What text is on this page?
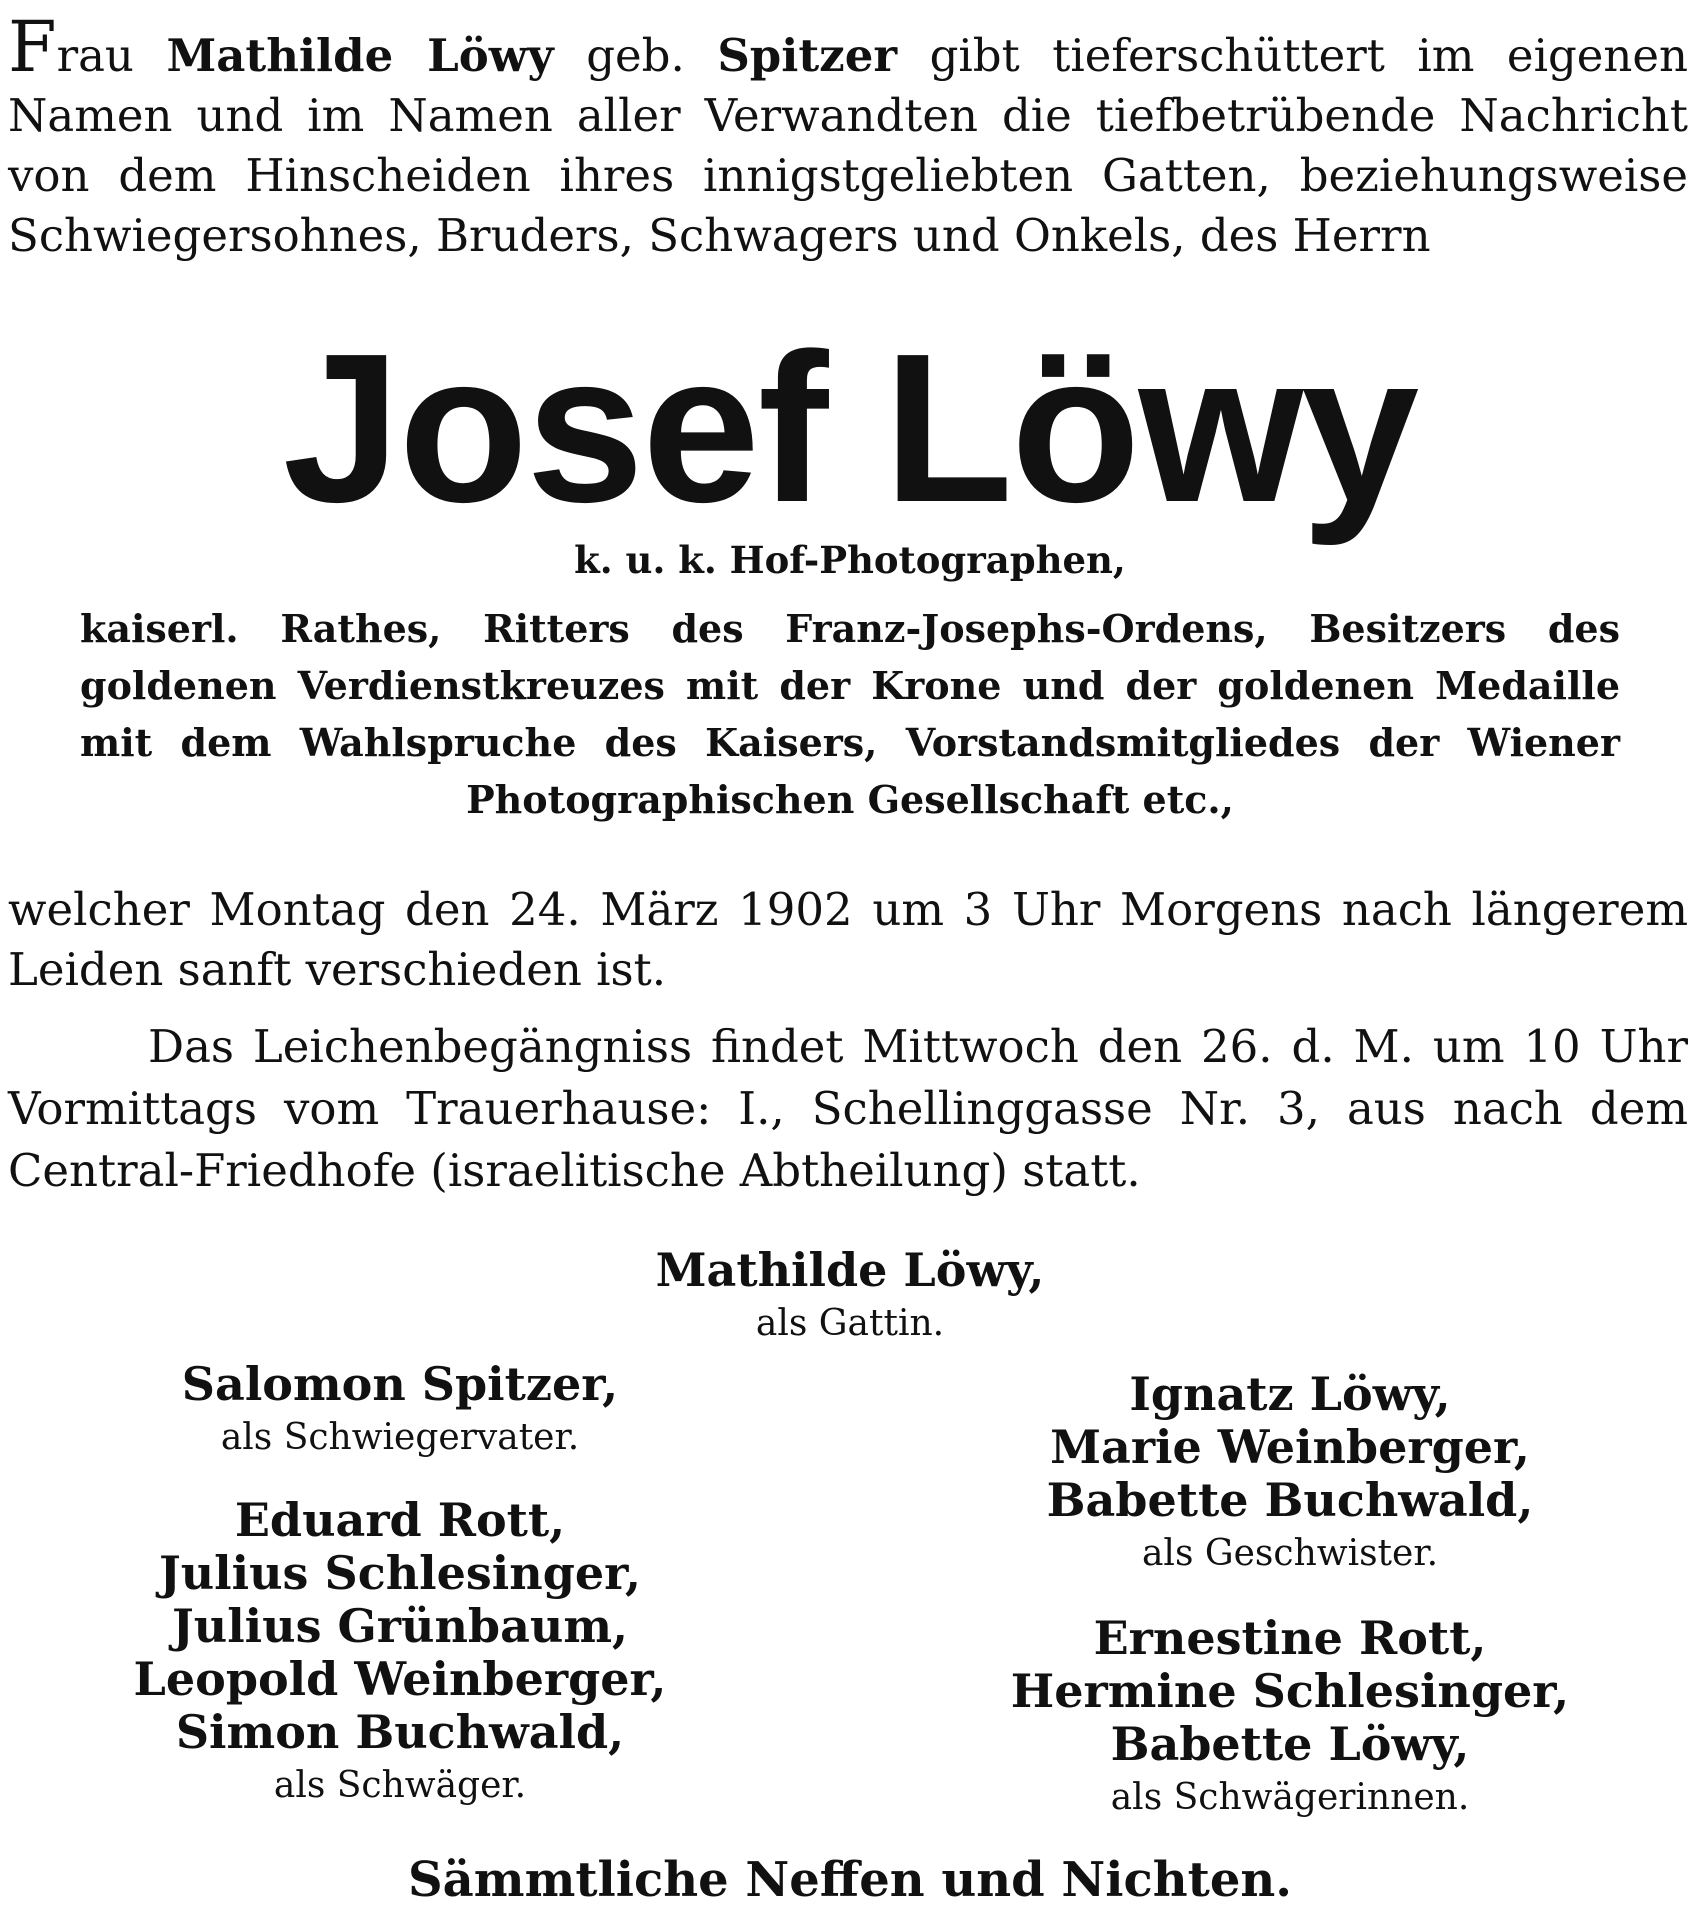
Frau Mathilde Löwy geb. Spitzer gibt tieferschüttert im eigenen Namen und im Namen aller Verwandten die tiefbetrübende Nachricht von dem Hinscheiden ihres innigstgeliebten Gatten, beziehungsweise Schwiegersohnes, Bruders, Schwagers und Onkels, des Herrn

Josef Löwy
k. u. k. Hof-Photographen,
kaiserl. Rathes, Ritters des Franz-Josephs-Ordens, Besitzers des goldenen Verdienstkreuzes mit der Krone und der goldenen Medaille mit dem Wahlspruche des Kaisers, Vorstandsmitgliedes der Wiener Photographischen Gesellschaft etc.,
welcher Montag den 24. März 1902 um 3 Uhr Morgens nach längerem Leiden sanft verschieden ist.
Das Leichenbegängniss findet Mittwoch den 26. d. M. um 10 Uhr Vormittags vom Trauerhause: I., Schellinggasse Nr. 3, aus nach dem Central-Friedhofe (israelitische Abtheilung) statt.
Mathilde Löwy,
als Gattin.
Salomon Spitzer,
als Schwiegervater.
Ignatz Löwy,
Marie Weinberger,
Babette Buchwald,
als Geschwister.
Eduard Rott,
Julius Schlesinger,
Julius Grünbaum,
Leopold Weinberger,
Simon Buchwald,
als Schwäger.
Ernestine Rott,
Hermine Schlesinger,
Babette Löwy,
als Schwägerinnen.
Sämmtliche Neffen und Nichten.
